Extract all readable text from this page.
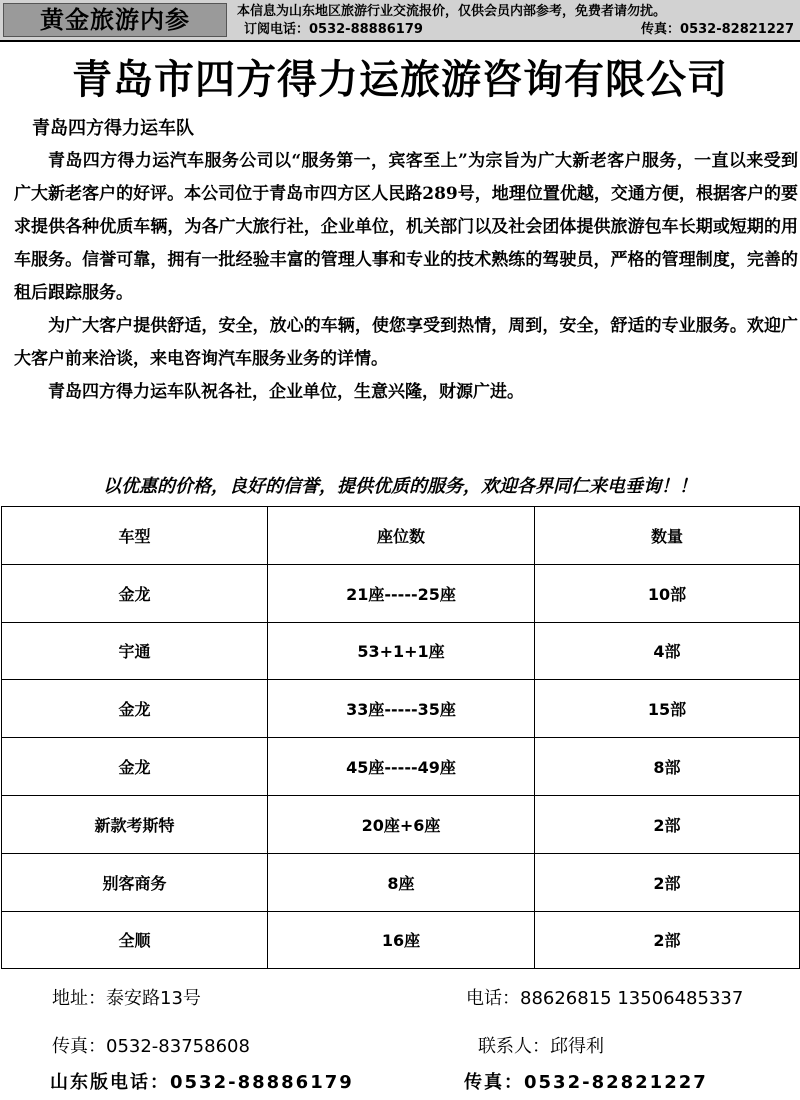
黄金旅游内参	本信息为山东地区旅游行业交流报价，仅供会员内部参考，免费者请勿扰。
订阅电话：0532-88886179	传真：0532-82821227
青岛市四方得力运旅游咨询有限公司
青岛四方得力运车队

青岛四方得力运汽车服务公司以“服务第一，宾客至上”为宗旨为广大新老客户服务，一直以来受到广大新老客户的好评。本公司位于青岛市四方区人民路289号，地理位置优越，交通方便，根据客户的要求提供各种优质车辆，为各广大旅行社，企业单位，机关部门以及社会团体提供旅游包车长期或短期的用车服务。信誉可靠，拥有一批经验丰富的管理人事和专业的技术熟练的驾驶员，严格的管理制度，完善的租后跟踪服务。

为广大客户提供舒适，安全，放心的车辆，使您享受到热情，周到，安全，舒适的专业服务。欢迎广大客户前来洽谈，来电咨询汽车服务业务的详情。

青岛四方得力运车队祝各社，企业单位，生意兴隆，财源广进。

以优惠的价格，良好的信誉，提供优质的服务，欢迎各界同仁来电垂询！！
车型	座位数	数量
金龙	21座-----25座	10部
宇通	53+1+1座	4部
金龙	33座-----35座	15部
金龙	45座-----49座	8部
新款考斯特	20座+6座	2部
别客商务	8座	2部
全顺	16座	2部
地址：泰安路13号	电话：88626815 13506485337
传真：0532-83758608	联系人：邱得利
山东版电话：0532-88886179	传真：0532-82821227
